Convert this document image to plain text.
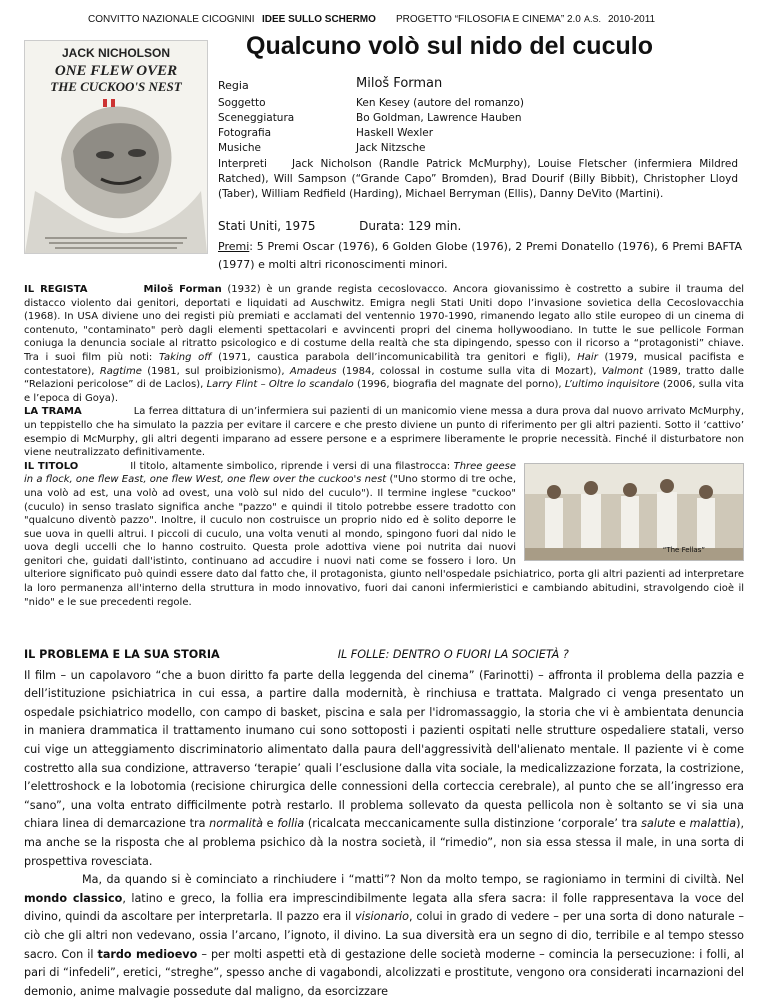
CONVITTO NAZIONALE CICOGNINI IDEE SULLO SCHERMO PROGETTO “FILOSOFIA E CINEMA” 2.0 A.S. 2010-2011
Qualcuno volò sul nido del cuculo
JACK NICHOLSON
ONE FLEW OVER
THE CUCKOO'S NEST	Regia	Miloš Forman
Soggetto	Ken Kesey (autore del romanzo)
Sceneggiatura	Bo Goldman, Lawrence Hauben
Fotografia	Haskell Wexler
Musiche	Jack Nitzsche
Interpreti	Jack Nicholson (Randle Patrick McMurphy), Louise Fletscher (infermiera Mildred Ratched), Will Sampson (“Grande Capo” Bromden), Brad Dourif (Billy Bibbit), Christopher Lloyd (Taber), William Redfield (Harding), Michael Berryman (Ellis), Danny DeVito (Martini).
Stati Uniti, 1975	Durata: 129 min.
Premi: 5 Premi Oscar (1976), 6 Golden Globe (1976), 2 Premi Donatello (1976), 6 Premi BAFTA (1977) e molti altri riconoscimenti minori.

IL REGISTA	Miloš Forman (1932) è un grande regista cecoslovacco. Ancora giovanissimo è costretto a subire il trauma del distacco violento dai genitori, deportati e liquidati ad Auschwitz. Emigra negli Stati Uniti dopo l’invasione sovietica della Cecoslovacchia (1968). In USA diviene uno dei registi più premiati e acclamati del ventennio 1970-1990, rimanendo legato allo stile europeo di un cinema di contenuto, "contaminato" però dagli elementi spettacolari e avvincenti propri del cinema hollywoodiano. In tutte le sue pellicole Forman coniuga la denuncia sociale al ritratto psicologico e di costume della realtà che sta dipingendo, spesso con il ricorso a “protagonisti” chiave. Tra i suoi film più noti: Taking off (1971, caustica parabola dell’incomunicabilità tra genitori e figli), Hair (1979, musical pacifista e contestatore), Ragtime (1981, sul proibizionismo), Amadeus (1984, colossal in costume sulla vita di Mozart), Valmont (1989, tratto dalle “Relazioni pericolose” di de Laclos), Larry Flint – Oltre lo scandalo (1996, biografia del magnate del porno), L’ultimo inquisitore (2006, sulla vita e l’epoca di Goya).

LA TRAMA	La ferrea dittatura di un’infermiera sui pazienti di un manicomio viene messa a dura prova dal nuovo arrivato McMurphy, un teppistello che ha simulato la pazzia per evitare il carcere e che presto diviene un punto di riferimento per gli altri pazienti. Sotto il ‘cattivo’ esempio di McMurphy, gli altri degenti imparano ad essere persone e a esprimere liberamente le proprie necessità. Finché il disturbatore non viene neutralizzato definitivamente.

“The Fellas”

IL TITOLO	Il titolo, altamente simbolico, riprende i versi di una filastrocca: Three geese in a flock, one flew East, one flew West, one flew over the cuckoo's nest ("Uno stormo di tre oche, una volò ad est, una volò ad ovest, una volò sul nido del cuculo"). Il termine inglese "cuckoo" (cuculo) in senso traslato significa anche "pazzo" e quindi il titolo potrebbe essere tradotto con "qualcuno diventò pazzo". Inoltre, il cuculo non costruisce un proprio nido ed è solito deporre le sue uova in quelli altrui. I piccoli di cuculo, una volta venuti al mondo, spingono fuori dal nido le uova degli uccelli che lo hanno costruito. Questa prole adottiva viene poi nutrita dai nuovi genitori che, guidati dall'istinto, continuano ad accudire i nuovi nati come se fossero i loro. Un ulteriore significato può quindi essere dato dal fatto che, il protagonista, giunto nell'ospedale psichiatrico, porta gli altri pazienti ad interpretare la loro permanenza all'interno della struttura in modo innovativo, fuori dai canoni infermieristici e cambiando abitudini, stravolgendo cioè il "nido" e le sue precedenti regole.

IL PROBLEMA E LA SUA STORIA	IL FOLLE: DENTRO O FUORI LA SOCIETÀ ?

Il film – un capolavoro “che a buon diritto fa parte della leggenda del cinema” (Farinotti) – affronta il problema della pazzia e dell’istituzione psichiatrica in cui essa, a partire dalla modernità, è rinchiusa e trattata. Malgrado ci venga presentato un ospedale psichiatrico modello, con campo di basket, piscina e sala per l'idromassaggio, la storia che vi è ambientata denuncia in maniera drammatica il trattamento inumano cui sono sottoposti i pazienti ospitati nelle strutture ospedaliere statali, verso cui vige un atteggiamento discriminatorio alimentato dalla paura dell'aggressività dell'alienato mentale. Il paziente vi è come costretto alla sua condizione, attraverso ‘terapie’ quali l’esclusione dalla vita sociale, la medicalizzazione forzata, la costrizione, l’elettroshock e la lobotomia (recisione chirurgica delle connessioni della corteccia cerebrale), al punto che se all’ingresso era “sano”, una volta entrato difficilmente potrà restarlo. Il problema sollevato da questa pellicola non è soltanto se vi sia una chiara linea di demarcazione tra normalità e follia (ricalcata meccanicamente sulla distinzione ‘corporale’ tra salute e malattia), ma anche se la risposta che al problema psichico dà la nostra società, il “rimedio”, non sia essa stessa il male, in una sorta di prospettiva rovesciata.

Ma, da quando si è cominciato a rinchiudere i “matti”? Non da molto tempo, se ragioniamo in termini di civiltà. Nel mondo classico, latino e greco, la follia era imprescindibilmente legata alla sfera sacra: il folle rappresentava la voce del divino, quindi da ascoltare per interpretarla. Il pazzo era il visionario, colui in grado di vedere – per una sorta di dono naturale – ciò che gli altri non vedevano, ossia l’arcano, l’ignoto, il divino. La sua diversità era un segno di dio, terribile e al tempo stesso sacro. Con il tardo medioevo – per molti aspetti età di gestazione delle società moderne – comincia la persecuzione: i folli, al pari di “infedeli”, eretici, “streghe”, spesso anche di vagabondi, alcolizzati e prostitute, vengono ora considerati incarnazioni del demonio, anime malvagie possedute dal maligno, da esorcizzare
